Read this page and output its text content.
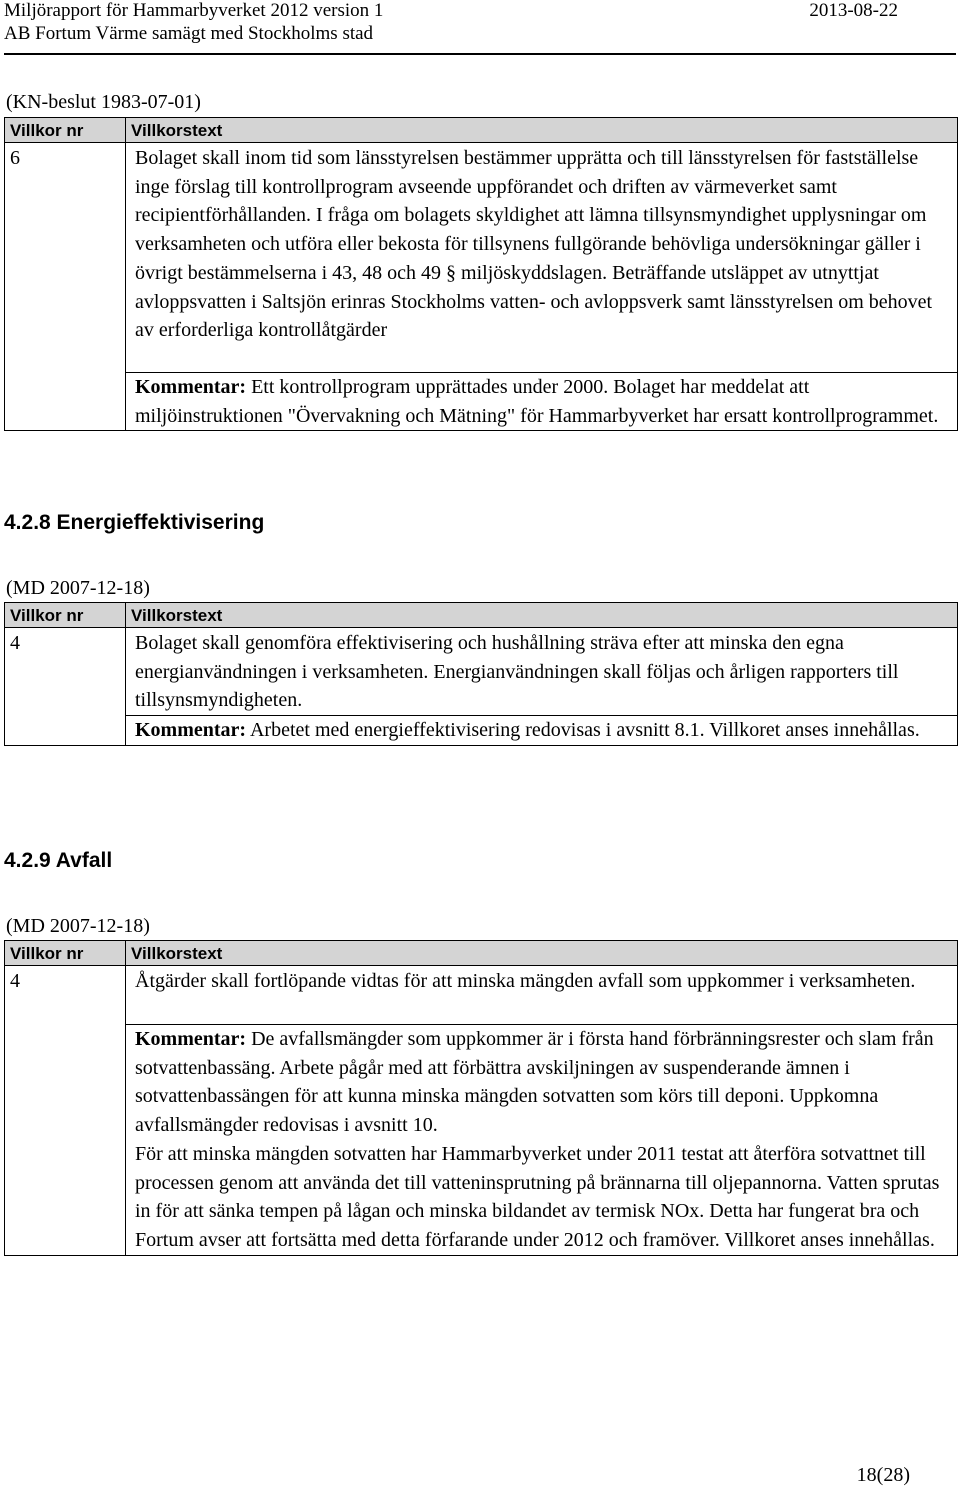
Miljörapport för Hammarbyverket 2012 version 1	2013-08-22
AB Fortum Värme samägt med Stockholms stad
(KN-beslut 1983-07-01)
Villkor nr	Villkorstext
6	Bolaget skall inom tid som länsstyrelsen bestämmer upprätta och till länsstyrelsen för fastställelse inge förslag till kontrollprogram avseende uppförandet och driften av värmeverket samt recipientförhållanden. I fråga om bolagets skyldighet att lämna tillsynsmyndighet upplysningar om verksamheten och utföra eller bekosta för tillsynens fullgörande behövliga undersökningar gäller i övrigt bestämmelserna i 43, 48 och 49 § miljöskyddslagen. Beträffande utsläppet av utnyttjat avloppsvatten i Saltsjön erinras Stockholms vatten- och avloppsverk samt länsstyrelsen om behovet av erforderliga kontrollåtgärder
Kommentar: Ett kontrollprogram upprättades under 2000. Bolaget har meddelat att miljöinstruktionen "Övervakning och Mätning" för Hammarbyverket har ersatt kontrollprogrammet.
4.2.8 Energieffektivisering
(MD 2007-12-18)
Villkor nr	Villkorstext
4	Bolaget skall genomföra effektivisering och hushållning sträva efter att minska den egna energianvändningen i verksamheten. Energianvändningen skall följas och årligen rapporters till tillsynsmyndigheten.
Kommentar: Arbetet med energieffektivisering redovisas i avsnitt 8.1. Villkoret anses innehållas.
4.2.9 Avfall
(MD 2007-12-18)
Villkor nr	Villkorstext
4	Åtgärder skall fortlöpande vidtas för att minska mängden avfall som uppkommer i verksamheten.
Kommentar: De avfallsmängder som uppkommer är i första hand förbränningsrester och slam från sotvattenbassäng. Arbete pågår med att förbättra avskiljningen av suspenderande ämnen i sotvattenbassängen för att kunna minska mängden sotvatten som körs till deponi. Uppkomna avfallsmängder redovisas i avsnitt 10.
För att minska mängden sotvatten har Hammarbyverket under 2011 testat att återföra sotvattnet till processen genom att använda det till vatteninsprutning på brännarna till oljepannorna. Vatten sprutas in för att sänka tempen på lågan och minska bildandet av termisk NOx. Detta har fungerat bra och Fortum avser att fortsätta med detta förfarande under 2012 och framöver. Villkoret anses innehållas.
18(28)
